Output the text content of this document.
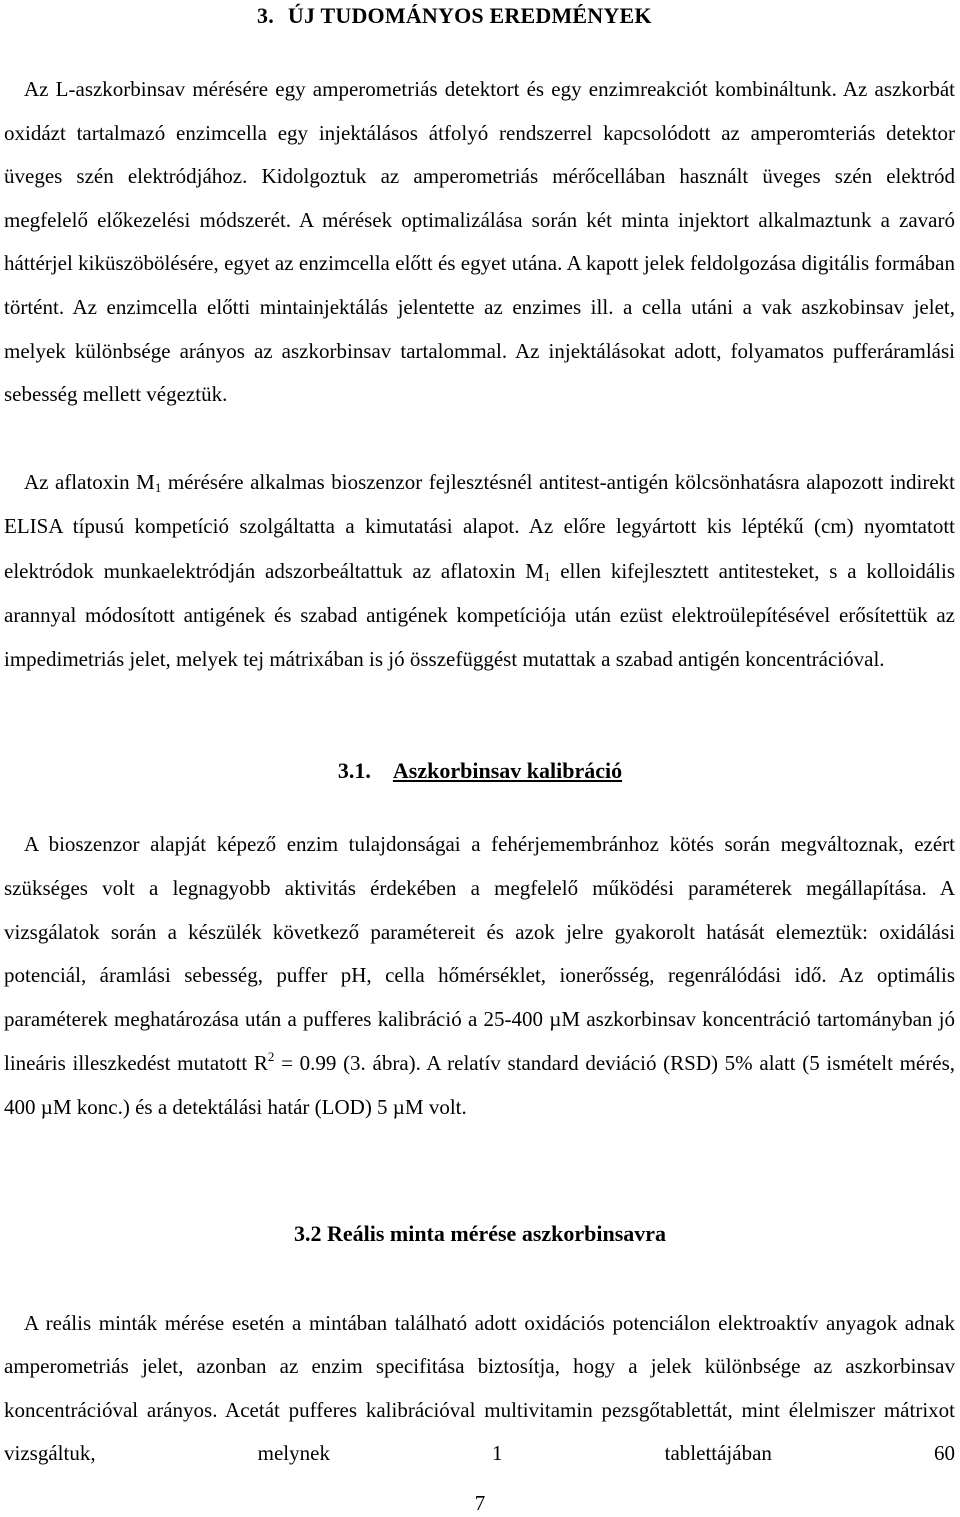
3. ÚJ TUDOMÁNYOS EREDMÉNYEK
Az L-aszkorbinsav mérésére egy amperometriás detektort és egy enzimreakciót kombináltunk. Az aszkorbát oxidázt tartalmazó enzimcella egy injektálásos átfolyó rendszerrel kapcsolódott az amperomteriás detektor üveges szén elektródjához. Kidolgoztuk az amperometriás mérőcellában használt üveges szén elektród megfelelő előkezelési módszerét. A mérések optimalizálása során két minta injektort alkalmaztunk a zavaró háttérjel kiküszöbölésére, egyet az enzimcella előtt és egyet utána. A kapott jelek feldolgozása digitális formában történt. Az enzimcella előtti mintainjektálás jelentette az enzimes ill. a cella utáni a vak aszkobinsav jelet, melyek különbsége arányos az aszkorbinsav tartalommal. Az injektálásokat adott, folyamatos pufferáramlási sebesség mellett végeztük.
Az aflatoxin $M_1$ mérésére alkalmas bioszenzor fejlesztésnél antitest-antigén kölcsönhatásra alapozott indirekt ELISA típusú kompetíció szolgáltatta a kimutatási alapot. Az előre legyártott kis léptékű (cm) nyomtatott elektródok munkaelektródján adszorbeáltattuk az aflatoxin $M_1$ ellen kifejlesztett antitesteket, s a kolloidális arannyal módosított antigének és szabad antigének kompetíciója után ezüst elektroülepítésével erősítettük az impedimetriás jelet, melyek tej mátrixában is jó összefüggést mutattak a szabad antigén koncentrációval.
3.1. Aszkorbinsav kalibráció
A bioszenzor alapját képező enzim tulajdonságai a fehérjemembránhoz kötés során megváltoznak, ezért szükséges volt a legnagyobb aktivitás érdekében a megfelelő működési paraméterek megállapítása. A vizsgálatok során a készülék következő paramétereit és azok jelre gyakorolt hatását elemeztük: oxidálási potenciál, áramlási sebesség, puffer pH, cella hőmérséklet, ionerősség, regenrálódási idő. Az optimális paraméterek meghatározása után a pufferes kalibráció a 25-400 µM aszkorbinsav koncentráció tartományban jó lineáris illeszkedést mutatott $R^2 = 0.99$ (3. ábra). A relatív standard deviáció (RSD) 5% alatt (5 ismételt mérés, 400 µM konc.) és a detektálási határ (LOD) 5 µM volt.
3.2 Reális minta mérése aszkorbinsavra
A reális minták mérése esetén a mintában található adott oxidációs potenciálon elektroaktív anyagok adnak amperometriás jelet, azonban az enzim specifitása biztosítja, hogy a jelek különbsége az aszkorbinsav koncentrációval arányos. Acetát pufferes kalibrációval multivitamin pezsgőtablettát, mint élelmiszer mátrixot vizsgáltuk, melynek 1 tablettájában 60
7
